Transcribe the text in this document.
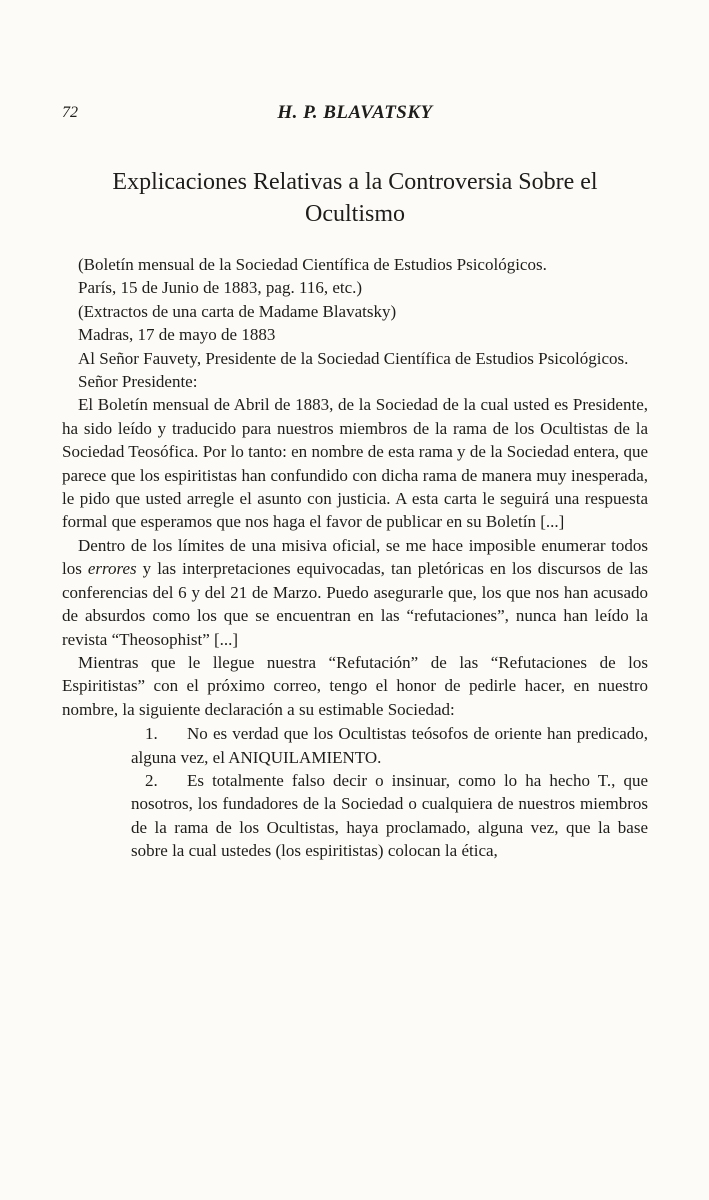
72	H. P. BLAVATSKY
Explicaciones Relativas a la Controversia Sobre el Ocultismo

(Boletín mensual de la Sociedad Científica de Estudios Psicológicos.

París, 15 de Junio de 1883, pag. 116, etc.)

(Extractos de una carta de Madame Blavatsky)

Madras, 17 de mayo de 1883

Al Señor Fauvety, Presidente de la Sociedad Científica de Estudios Psicológicos.

Señor Presidente:

El Boletín mensual de Abril de 1883, de la Sociedad de la cual usted es Presidente, ha sido leído y traducido para nuestros miembros de la rama de los Ocultistas de la Sociedad Teosófica. Por lo tanto: en nombre de esta rama y de la Sociedad entera, que parece que los espiritistas han confundido con dicha rama de manera muy inesperada, le pido que usted arregle el asunto con justicia. A esta carta le seguirá una respuesta formal que esperamos que nos haga el favor de publicar en su Boletín [...]

Dentro de los límites de una misiva oficial, se me hace imposible enumerar todos los errores y las interpretaciones equivocadas, tan pletóricas en los discursos de las conferencias del 6 y del 21 de Marzo. Puedo asegurarle que, los que nos han acusado de absurdos como los que se encuentran en las “refutaciones”, nunca han leído la revista “Theosophist” [...]

Mientras que le llegue nuestra “Refutación” de las “Refutaciones de los Espiritistas” con el próximo correo, tengo el honor de pedirle hacer, en nuestro nombre, la siguiente declaración a su estimable Sociedad:

1. No es verdad que los Ocultistas teósofos de oriente han predicado, alguna vez, el ANIQUILAMIENTO.

2. Es totalmente falso decir o insinuar, como lo ha hecho T., que nosotros, los fundadores de la Sociedad o cualquiera de nuestros miembros de la rama de los Ocultistas, haya proclamado, alguna vez, que la base sobre la cual ustedes (los espiritistas) colocan la ética,
